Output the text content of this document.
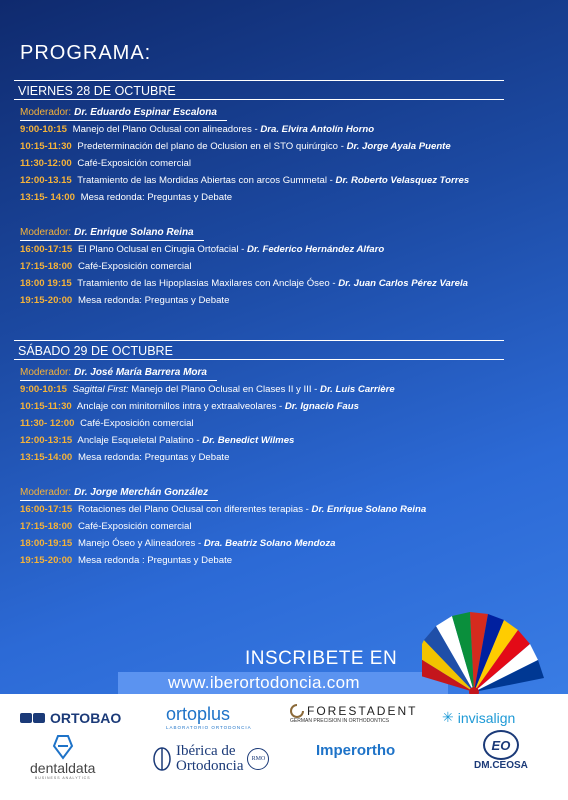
PROGRAMA:
VIERNES 28 DE OCTUBRE
Moderador: Dr. Eduardo Espinar Escalona
9:00-10:15 Manejo del Plano Oclusal con alineadores - Dra. Elvira Antolín Horno
10:15-11:30 Predeterminación del plano de Oclusion en el STO quirúrgico - Dr. Jorge Ayala Puente
11:30-12:00 Café-Exposición comercial
12:00-13.15 Tratamiento de las Mordidas Abiertas con arcos Gummetal - Dr. Roberto Velasquez Torres
13:15- 14:00 Mesa redonda: Preguntas y Debate
Moderador: Dr. Enrique Solano Reina
16:00-17:15 El Plano Oclusal en Cirugia Ortofacial - Dr. Federico Hernández Alfaro
17:15-18:00 Café-Exposición comercial
18:00 19:15 Tratamiento de las Hipoplasias Maxilares con Anclaje Óseo - Dr. Juan Carlos Pérez Varela
19:15-20:00 Mesa redonda: Preguntas y Debate
SÁBADO 29 DE OCTUBRE
Moderador: Dr. José María Barrera Mora
9:00-10:15 Sagittal First: Manejo del Plano Oclusal en Clases II y III - Dr. Luis Carrière
10:15-11:30 Anclaje con minitornillos intra y extraalveolares - Dr. Ignacio Faus
11:30- 12:00 Café-Exposición comercial
12:00-13:15 Anclaje Esqueletal Palatino - Dr. Benedict Wilmes
13:15-14:00 Mesa redonda: Preguntas y Debate
Moderador: Dr. Jorge Merchán González
16:00-17:15 Rotaciones del Plano Oclusal con diferentes terapias - Dr. Enrique Solano Reina
17:15-18:00 Café-Exposición comercial
18:00-19:15 Manejo Óseo y Alineadores - Dra. Beatriz Solano Mendoza
19:15-20:00 Mesa redonda : Preguntas y Debate
INSCRIBETE EN
www.iberortodoncia.com
ORTOBAO ortoplus
LABORATORIO ORTODONCIA
FORESTADENT
GERMAN PRECISION IN ORTHODONTICS	✳ invisalign
dentaldata
BUSINESS ANALYTICS
Ibérica de
Ortodoncia	RMO	Imperortho	EO
DM.CEOSA
